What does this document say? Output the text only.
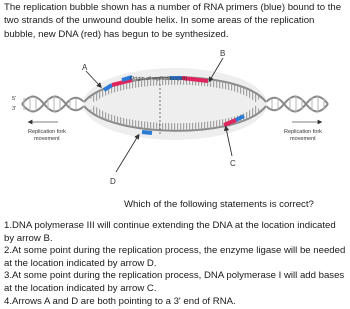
The replication bubble shown has a number of RNA primers (blue) bound to the two strands of the unwound double helix. In some areas of the replication bubble, new DNA (red) has begun to be synthesized.
A
B
C
D
Origin of replication(ori)
5'
3'
Replication fork
movement
Replication fork
movement
Which of the following statements is correct?
1.DNA polymerase III will continue extending the DNA at the location indicated by arrow B.
2.At some point during the replication process, the enzyme ligase will be needed at the location indicated by arrow D.
3.At some point during the replication process, DNA polymerase I will add bases at the location indicated by arrow C.
4.Arrows A and D are both pointing to a 3' end of RNA.
